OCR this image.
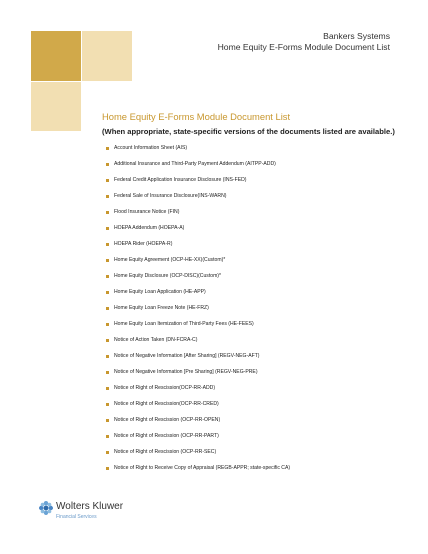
Bankers Systems
Home Equity E-Forms Module Document List
Home Equity E-Forms Module Document List

(When appropriate, state-specific versions of the documents listed are available.)

Account Information Sheet (AIS)
Additional Insurance and Third-Party Payment Addendum (AITPP-ADD)
Federal Credit Application Insurance Disclosure (INS-FED)
Federal Sale of Insurance Disclosure(INS-WARN)
Flood Insurance Notice (FIN)
HOEPA Addendum (HOEPA-A)
HOEPA Rider (HOEPA-R)
Home Equity Agreement (OCP-HE-XX)(Custom)*
Home Equity Disclosure (OCP-DISC)(Custom)*
Home Equity Loan Application (HE-APP)
Home Equity Loan Freeze Note (HE-FRZ)
Home Equity Loan Itemization of Third-Party Fees (HE-FEES)
Notice of Action Taken (DN-FCRA-C)
Notice of Negative Information [After Sharing] (REGV-NEG-AFT)
Notice of Negative Information [Pre Sharing] (REGV-NEG-PRE)
Notice of Right of Rescission(OCP-RR-ADD)
Notice of Right of Rescission(OCP-RR-CRED)
Notice of Right of Rescission (OCP-RR-OPEN)
Notice of Right of Rescission (OCP-RR-PART)
Notice of Right of Rescission (OCP-RR-SEC)
Notice of Right to Receive Copy of Appraisal (REGB-APPR; state-specific CA)
Wolters Kluwer
Financial Services
